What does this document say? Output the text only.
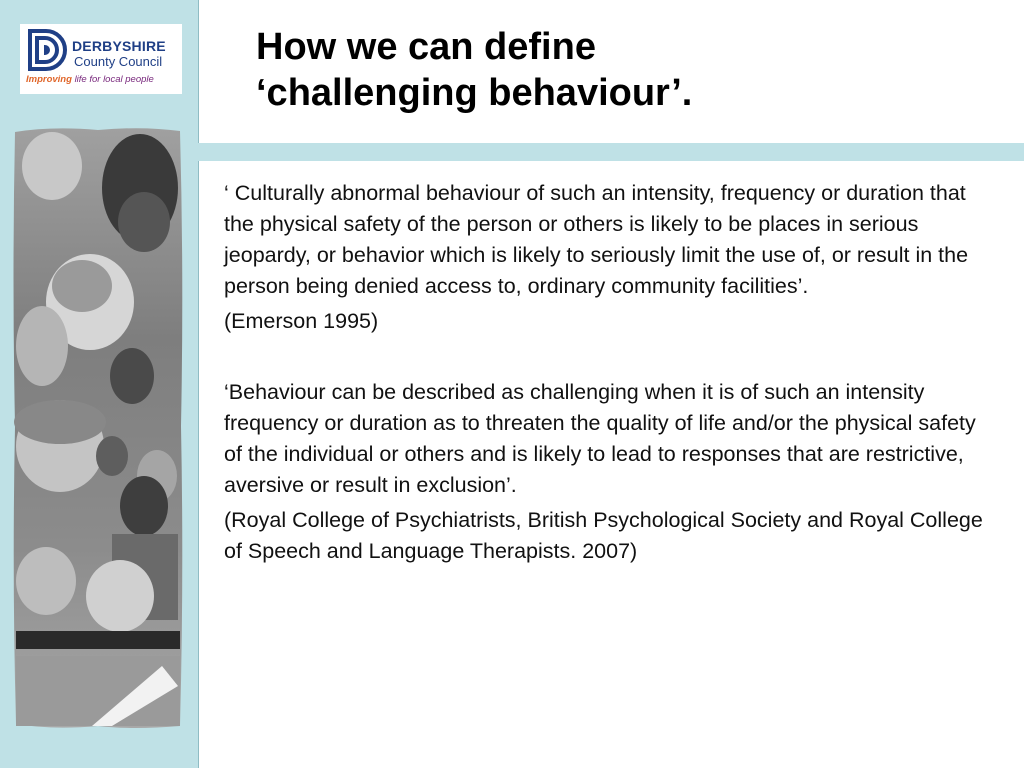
DERBYSHIRE
County Council
Improving life for local people
How we can define
‘challenging behaviour’.

‘ Culturally abnormal behaviour of such an intensity, frequency or duration that the physical safety of the person or others is likely to be places in serious jeopardy, or behavior which is likely to seriously limit the use of, or result in the person being denied access to, ordinary community facilities’.

(Emerson 1995)

‘Behaviour can be described as challenging when it is of such an intensity frequency or duration as to threaten the quality of life and/or the physical safety of the individual or others and is likely to lead to responses that are restrictive, aversive or result in exclusion’.

(Royal College of Psychiatrists, British Psychological Society and Royal College of Speech and Language Therapists. 2007)
